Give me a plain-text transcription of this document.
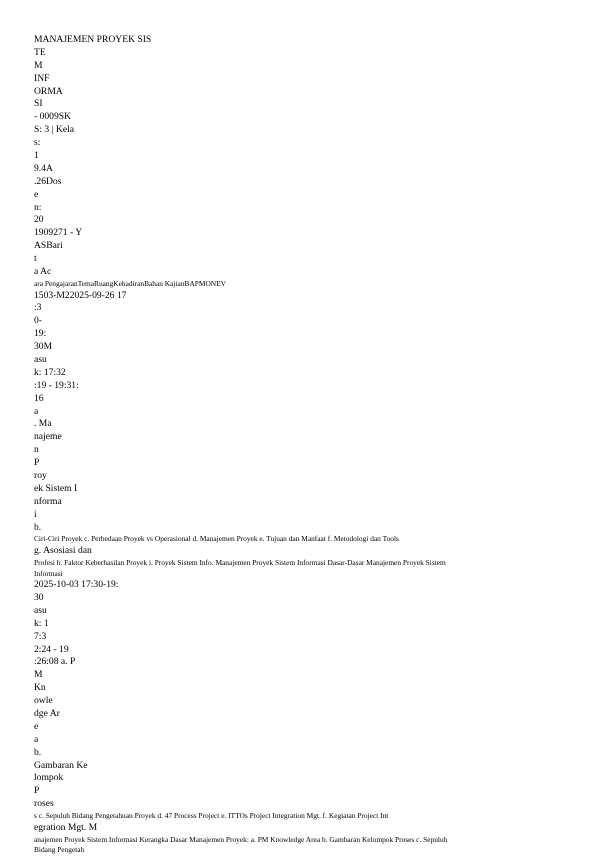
MANAJEMEN PROYEK SIS
TE
M
INF
ORMA
SI
- 0009SK
S: 3 | Kela
s:
1
9.4A
.26Dos
e
n:
20
1909271 - Y
ASBari
t
a Ac
ara PengajaranTemaRuangKehadiranBahan KajianBAPMONEV
1503-M22025-09-26 17
:3
0-
19:
30M
asu
k: 17:32
:19 - 19:31:
16
a
. Ma
najeme
n
P
roy
ek Sistem I
nforma
i
b.
Ciri-Ciri Proyek c. Perbedaan Proyek vs Operasional d. Manajemen Proyek e. Tujuan dan Manfaat f. Metodologi dan Tools
g. Asosiasi dan
Profesi h. Faktor Keberhasilan Proyek i. Proyek Sistem Info. Manajemen Proyek Sistem Informasi Dasar-Dasar Manajemen Proyek Sistem
Informasi
2025-10-03 17:30-19:
30
asu
k: 1
7:3
2:24 - 19
:26:08 a. P
M
Kn
owle
dge Ar
e
a
b.
Gambaran Ke
lompok
P
roses
s c. Sepuluh Bidang Pengetahuan Proyek d. 47 Process Project e. ITTOs Project Integration Mgt. f. Kegiatan Project Int
egration Mgt. M
anajemen Proyek Sistem Informasi Kerangka Dasar Manajemen Proyek: a. PM Knowledge Area b. Gambaran Kelompok Proses c. Sepuluh
Bidang Pengetah
